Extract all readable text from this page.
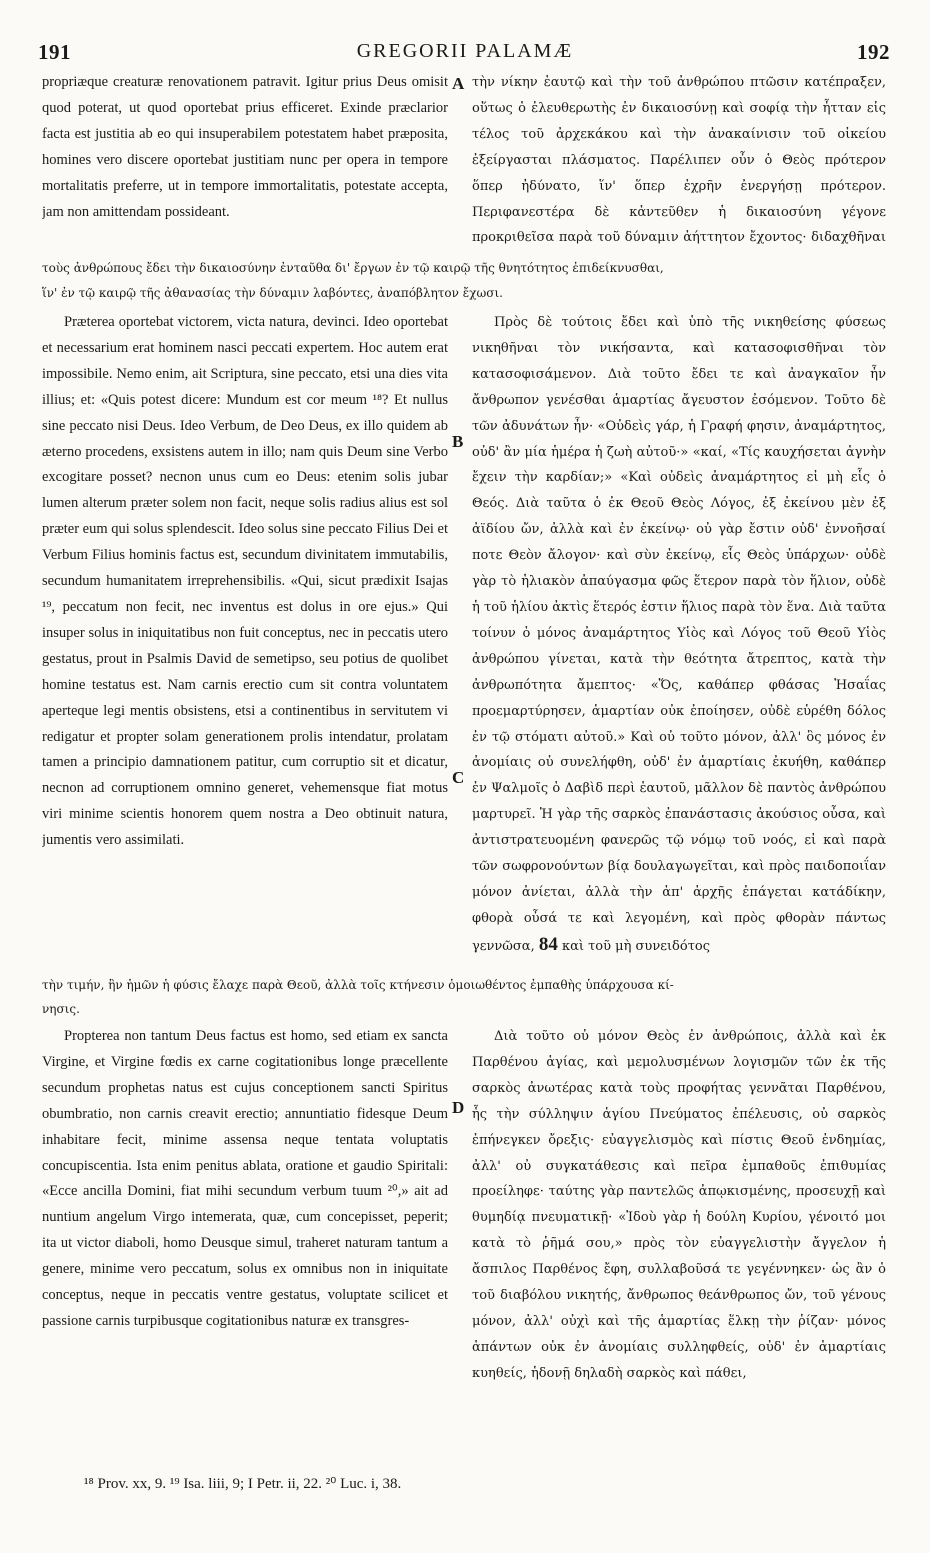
191	GREGORII PALAMÆ	192
A
B
C
D

propriæque creaturæ renovationem patravit. Igitur prius Deus omisit quod poterat, ut quod oportebat prius efficeret. Exinde præclarior facta est justitia ab eo qui insuperabilem potestatem habet præposita, homines vero discere oportebat justitiam nunc per opera in tempore mortalitatis preferre, ut in tempore immortalitatis, potestate accepta, jam non amittendam possideant.

τὴν νίκην ἑαυτῷ καὶ τὴν τοῦ ἀνθρώπου πτῶσιν κατέπραξεν, οὕτως ὁ ἐλευθερωτὴς ἐν δικαιοσύνῃ καὶ σοφίᾳ τὴν ἧτταν εἰς τέλος τοῦ ἀρχεκάκου καὶ τὴν ἀνακαίνισιν τοῦ οἰκείου ἐξείργασται πλάσματος. Παρέλιπεν οὖν ὁ Θεὸς πρότερον ὅπερ ἠδύνατο, ἵν' ὅπερ ἐχρῆν ἐνεργήσῃ πρότερον. Περιφανεστέρα δὲ κἀντεῦθεν ἡ δικαιοσύνη γέγονε προκριθεῖσα παρὰ τοῦ δύναμιν ἀήττητον ἔχοντος· διδαχθῆναι

τοὺς ἀνθρώπους ἔδει τὴν δικαιοσύνην ἐνταῦθα δι' ἔργων ἐν τῷ καιρῷ τῆς θνητότητος ἐπιδείκνυσθαι,
ἵν' ἐν τῷ καιρῷ τῆς ἀθανασίας τὴν δύναμιν λαβόντες, ἀναπόβλητον ἔχωσι.

Præterea oportebat victorem, victa natura, devinci. Ideo oportebat et necessarium erat hominem nasci peccati expertem. Hoc autem erat impossibile. Nemo enim, ait Scriptura, sine peccato, etsi una dies vita illius; et: «Quis potest dicere: Mundum est cor meum ¹⁸? Et nullus sine peccato nisi Deus. Ideo Verbum, de Deo Deus, ex illo quidem ab æterno procedens, exsistens autem in illo; nam quis Deum sine Verbo excogitare posset? necnon unus cum eo Deus: etenim solis jubar lumen alterum præter solem non facit, neque solis radius alius est sol præter eum qui solus splendescit. Ideo solus sine peccato Filius Dei et Verbum Filius hominis factus est, secundum divinitatem immutabilis, secundum humanitatem irreprehensibilis. «Qui, sicut prædixit Isajas ¹⁹, peccatum non fecit, nec inventus est dolus in ore ejus.» Qui insuper solus in iniquitatibus non fuit conceptus, nec in peccatis utero gestatus, prout in Psalmis David de semetipso, seu potius de quolibet homine testatus est. Nam carnis erectio cum sit contra voluntatem aperteque legi mentis obsistens, etsi a continentibus in servitutem vi redigatur et propter solam generationem prolis intendatur, prolatam tamen a principio damnationem patitur, cum corruptio sit et dicatur, necnon ad corruptionem omnino generet, vehemensque fiat motus viri minime scientis honorem quem nostra a Deo obtinuit natura, jumentis vero assimilati.

Πρὸς δὲ τούτοις ἔδει καὶ ὑπὸ τῆς νικηθείσης φύσεως νικηθῆναι τὸν νικήσαντα, καὶ κατασοφισθῆναι τὸν κατασοφισάμενον. Διὰ τοῦτο ἔδει τε καὶ ἀναγκαῖον ἦν ἄνθρωπον γενέσθαι ἁμαρτίας ἄγευστον ἐσόμενον. Τοῦτο δὲ τῶν ἀδυνάτων ἦν· «Οὐδεὶς γάρ, ἡ Γραφή φησιν, ἀναμάρτητος, οὐδ' ἂν μία ἡμέρα ἡ ζωὴ αὐτοῦ·» «καί, «Τίς καυχήσεται ἁγνὴν ἔχειν τὴν καρδίαν;» «Καὶ οὐδεὶς ἀναμάρτητος εἰ μὴ εἷς ὁ Θεός. Διὰ ταῦτα ὁ ἐκ Θεοῦ Θεὸς Λόγος, ἐξ ἐκείνου μὲν ἐξ ἀϊδίου ὤν, ἀλλὰ καὶ ἐν ἐκείνῳ· οὐ γὰρ ἔστιν οὐδ' ἐννοῆσαί ποτε Θεὸν ἄλογον· καὶ σὺν ἐκείνῳ, εἷς Θεὸς ὑπάρχων· οὐδὲ γὰρ τὸ ἡλιακὸν ἀπαύγασμα φῶς ἕτερον παρὰ τὸν ἥλιον, οὐδὲ ἡ τοῦ ἡλίου ἀκτὶς ἕτερός ἐστιν ἥλιος παρὰ τὸν ἕνα. Διὰ ταῦτα τοίνυν ὁ μόνος ἀναμάρτητος Υἱὸς καὶ Λόγος τοῦ Θεοῦ Υἱὸς ἀνθρώπου γίνεται, κατὰ τὴν θεότητα ἄτρεπτος, κατὰ τὴν ἀνθρωπότητα ἄμεπτος· «Ὅς, καθάπερ φθάσας Ἡσαΐας προεμαρτύρησεν, ἁμαρτίαν οὐκ ἐποίησεν, οὐδὲ εὑρέθη δόλος ἐν τῷ στόματι αὐτοῦ.» Καὶ οὐ τοῦτο μόνον, ἀλλ' ὃς μόνος ἐν ἀνομίαις οὐ συνελήφθη, οὐδ' ἐν ἁμαρτίαις ἐκυήθη, καθάπερ ἐν Ψαλμοῖς ὁ Δαβὶδ περὶ ἑαυτοῦ, μᾶλλον δὲ παντὸς ἀνθρώπου μαρτυρεῖ. Ἡ γὰρ τῆς σαρκὸς ἐπανάστασις ἀκούσιος οὖσα, καὶ ἀντιστρατευομένη φανερῶς τῷ νόμῳ τοῦ νοός, εἰ καὶ παρὰ τῶν σωφρονούντων βίᾳ δουλαγωγεῖται, καὶ πρὸς παιδοποιΐαν μόνον ἀνίεται, ἀλλὰ τὴν ἀπ' ἀρχῆς ἐπάγεται κατάδίκην, φθορὰ οὖσά τε καὶ λεγομένη, καὶ πρὸς φθορὰν πάντως γεννῶσα, 84 καὶ τοῦ μὴ συνειδότος

τὴν τιμήν, ἣν ἡμῶν ἡ φύσις ἔλαχε παρὰ Θεοῦ, ἀλλὰ τοῖς κτήνεσιν ὁμοιωθέντος ἐμπαθὴς ὑπάρχουσα κί-
νησις.

Propterea non tantum Deus factus est homo, sed etiam ex sancta Virgine, et Virgine fœdis ex carne cogitationibus longe præcellente secundum prophetas natus est cujus conceptionem sancti Spiritus obumbratio, non carnis creavit erectio; annuntiatio fidesque Deum inhabitare fecit, minime assensa neque tentata voluptatis concupiscentia. Ista enim penitus ablata, oratione et gaudio Spiritali: «Ecce ancilla Domini, fiat mihi secundum verbum tuum ²⁰,» ait ad nuntium angelum Virgo intemerata, quæ, cum concepisset, peperit; ita ut victor diaboli, homo Deusque simul, traheret naturam tantum a genere, minime vero peccatum, solus ex omnibus non in iniquitate conceptus, neque in peccatis ventre gestatus, voluptate scilicet et passione carnis turpibusque cogitationibus naturæ ex transgres-

Διὰ τοῦτο οὐ μόνον Θεὸς ἐν ἀνθρώποις, ἀλλὰ καὶ ἐκ Παρθένου ἁγίας, καὶ μεμολυσμένων λογισμῶν τῶν ἐκ τῆς σαρκὸς ἀνωτέρας κατὰ τοὺς προφήτας γεννᾶται Παρθένου, ἧς τὴν σύλληψιν ἁγίου Πνεύματος ἐπέλευσις, οὐ σαρκὸς ἐπήνεγκεν ὄρεξις· εὐαγγελισμὸς καὶ πίστις Θεοῦ ἐνδημίας, ἀλλ' οὐ συγκατάθεσις καὶ πεῖρα ἐμπαθοῦς ἐπιθυμίας προείληφε· ταύτης γὰρ παντελῶς ἀπῳκισμένης, προσευχῇ καὶ θυμηδίᾳ πνευματικῇ· «Ἰδοὺ γὰρ ἡ δούλη Κυρίου, γένοιτό μοι κατὰ τὸ ῥῆμά σου,» πρὸς τὸν εὐαγγελιστὴν ἄγγελον ἡ ἄσπιλος Παρθένος ἔφη, συλλαβοῦσά τε γεγέννηκεν· ὡς ἂν ὁ τοῦ διαβόλου νικητής, ἄνθρωπος θεάνθρωπος ὤν, τοῦ γένους μόνον, ἀλλ' οὐχὶ καὶ τῆς ἁμαρτίας ἕλκῃ τὴν ῥίζαν· μόνος ἁπάντων οὐκ ἐν ἀνομίαις συλληφθείς, οὐδ' ἐν ἁμαρτίαις κυηθείς, ἡδονῇ δηλαδὴ σαρκὸς καὶ πάθει,

¹⁸ Prov. xx, 9. ¹⁹ Isa. liii, 9; I Petr. ii, 22. ²⁰ Luc. i, 38.
